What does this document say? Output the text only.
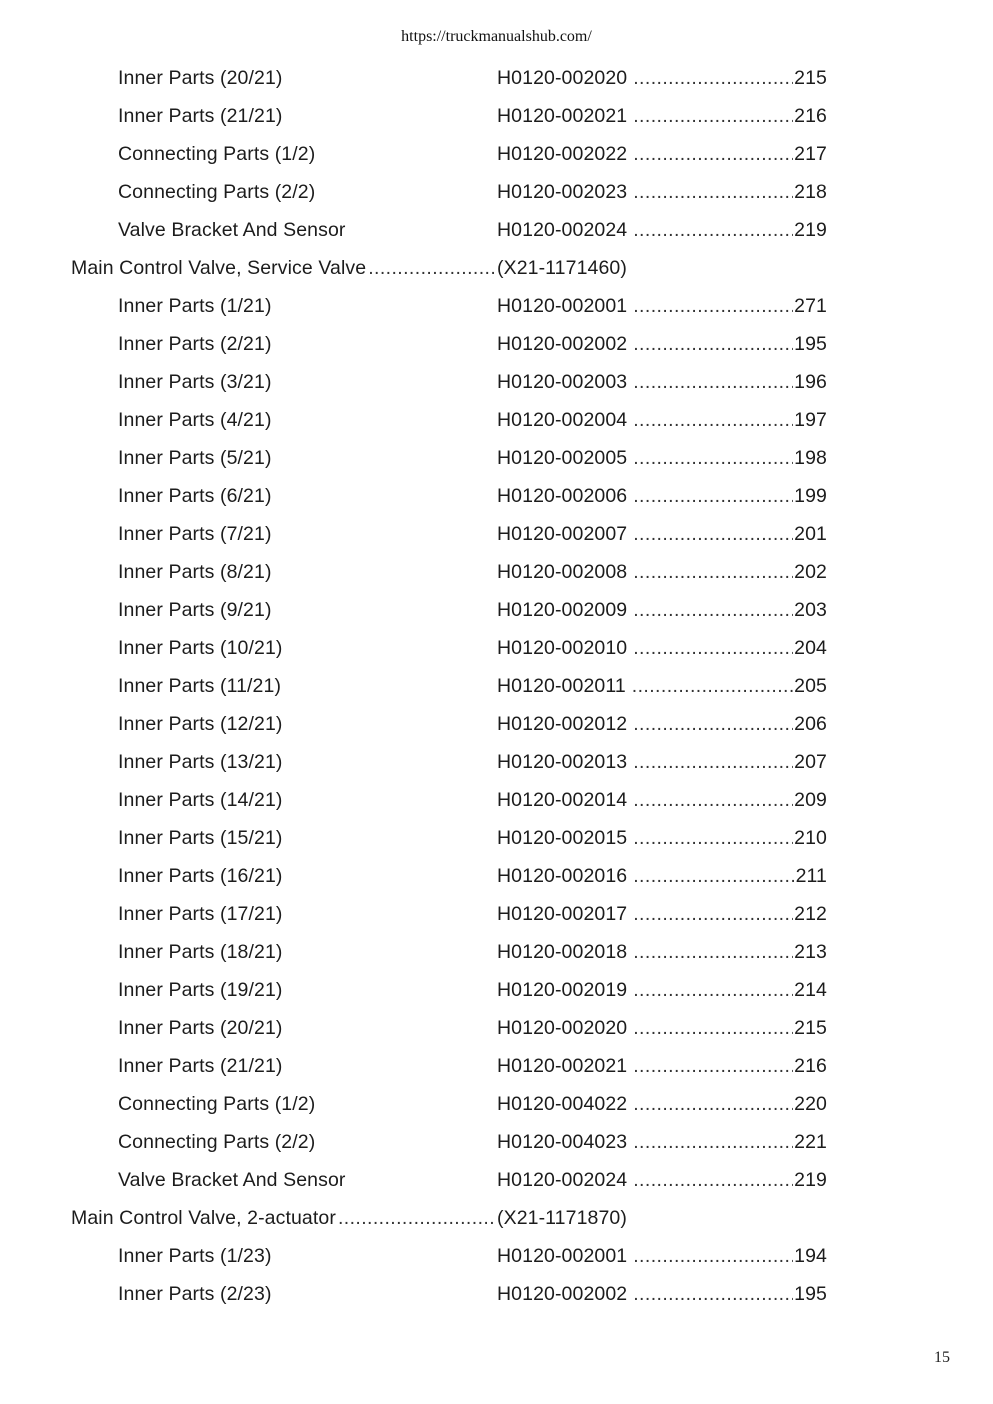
https://truckmanualshub.com/
Inner Parts (20/21)	H0120-002020 .....	215
Inner Parts (21/21)	H0120-002021 .....	216
Connecting Parts (1/2)	H0120-002022 .....	217
Connecting Parts (2/2)	H0120-002023 .....	218
Valve Bracket And Sensor	H0120-002024 .....	219
Main Control Valve, Service Valve .....	(X21-1171460)
Inner Parts (1/21)	H0120-002001 .....	271
Inner Parts (2/21)	H0120-002002 .....	195
Inner Parts (3/21)	H0120-002003 .....	196
Inner Parts (4/21)	H0120-002004 .....	197
Inner Parts (5/21)	H0120-002005 .....	198
Inner Parts (6/21)	H0120-002006 .....	199
Inner Parts (7/21)	H0120-002007 .....	201
Inner Parts (8/21)	H0120-002008 .....	202
Inner Parts (9/21)	H0120-002009 .....	203
Inner Parts (10/21)	H0120-002010 .....	204
Inner Parts (11/21)	H0120-002011 .....	205
Inner Parts (12/21)	H0120-002012 .....	206
Inner Parts (13/21)	H0120-002013 .....	207
Inner Parts (14/21)	H0120-002014 .....	209
Inner Parts (15/21)	H0120-002015 .....	210
Inner Parts (16/21)	H0120-002016 .....	211
Inner Parts (17/21)	H0120-002017 .....	212
Inner Parts (18/21)	H0120-002018 .....	213
Inner Parts (19/21)	H0120-002019 .....	214
Inner Parts (20/21)	H0120-002020 .....	215
Inner Parts (21/21)	H0120-002021 .....	216
Connecting Parts (1/2)	H0120-004022 .....	220
Connecting Parts (2/2)	H0120-004023 .....	221
Valve Bracket And Sensor	H0120-002024 .....	219
Main Control Valve, 2-actuator .....	(X21-1171870)
Inner Parts (1/23)	H0120-002001 .....	194
Inner Parts (2/23)	H0120-002002 .....	195
15
